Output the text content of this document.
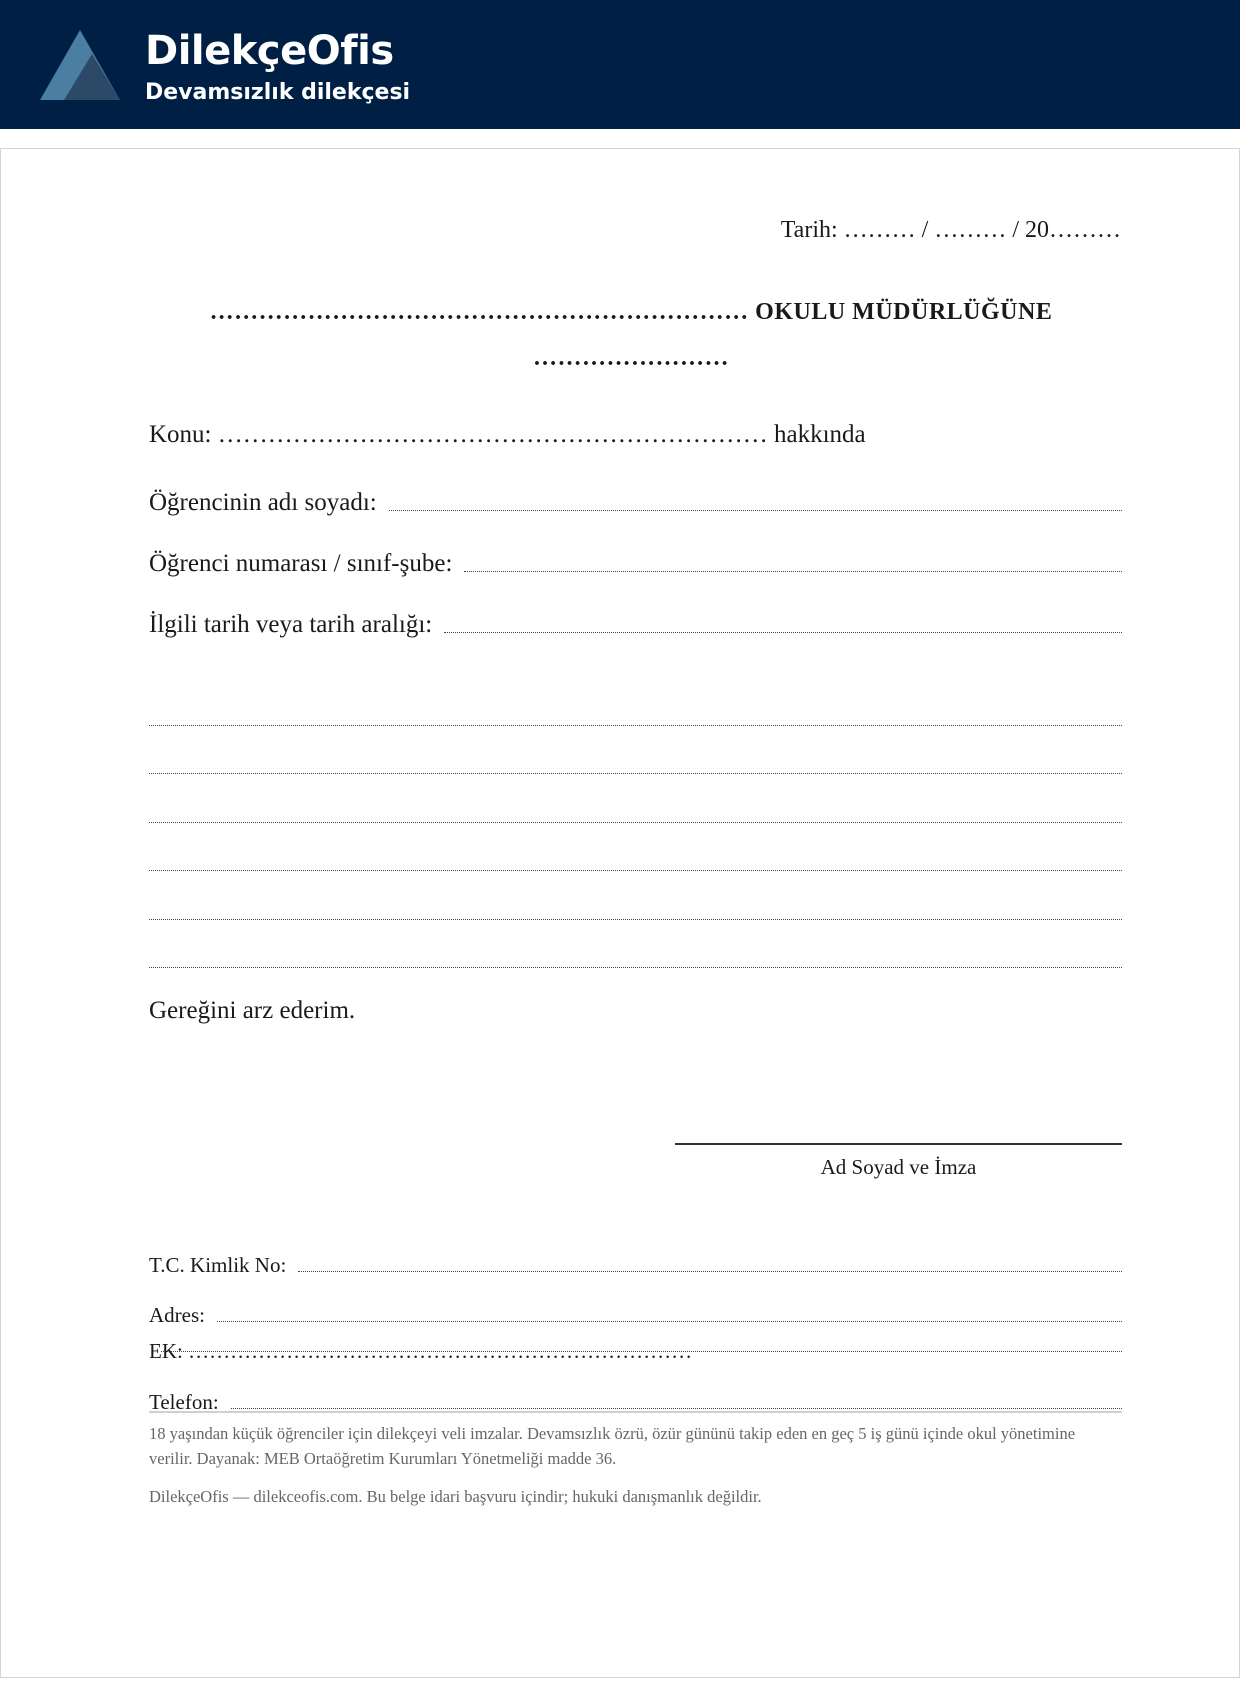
DilekçeOfis
Devamsızlık dilekçesi
Tarih: ……… / ……… / 20………
………………………………………………………… OKULU MÜDÜRLÜĞÜNE ……………………
Konu: ………………………………………………………… hakkında
Öğrencinin adı soyadı:
Öğrenci numarası / sınıf-şube:
İlgili tarih veya tarih aralığı:
Gereğini arz ederim.
Ad Soyad ve İmza
T.C. Kimlik No:
Adres:
Telefon:
EK: ………………………………………………………………
18 yaşından küçük öğrenciler için dilekçeyi veli imzalar. Devamsızlık özrü, özür gününü takip eden en geç 5 iş günü içinde okul yönetimine verilir. Dayanak: MEB Ortaöğretim Kurumları Yönetmeliği madde 36.
DilekçeOfis — dilekceofis.com. Bu belge idari başvuru içindir; hukuki danışmanlık değildir.
